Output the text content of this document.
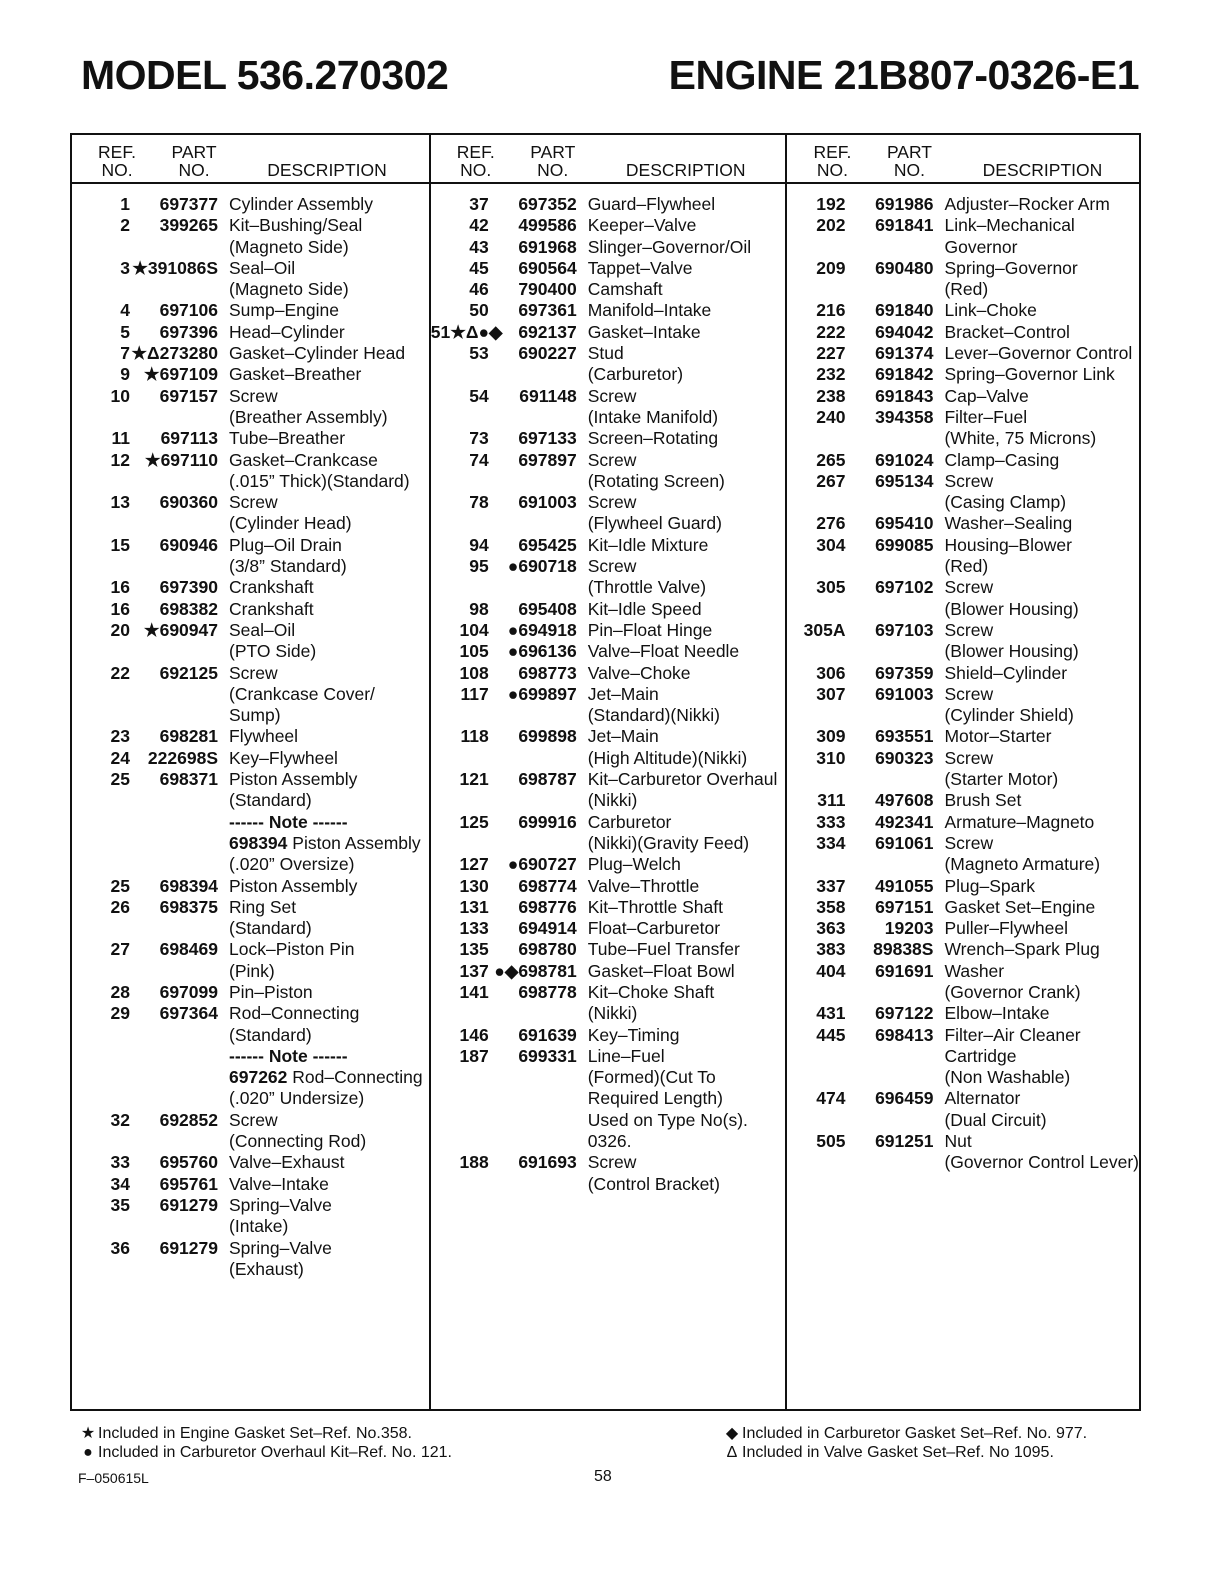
MODEL 536.270302	ENGINE 21B807-0326-E1
REF.
NO.
PART
NO.	DESCRIPTION
1	697377 Cylinder Assembly
2	399265 Kit–Bushing/Seal
(Magneto Side)
3 ★391086S Seal–Oil
(Magneto Side)
4	697106 Sump–Engine
5	697396 Head–Cylinder
7 ★Δ273280 Gasket–Cylinder Head
9 ★697109 Gasket–Breather
10	697157 Screw
(Breather Assembly)
11	697113 Tube–Breather
12 ★697110 Gasket–Crankcase
(.015” Thick)(Standard)
13	690360 Screw
(Cylinder Head)
15	690946 Plug–Oil Drain
(3/8” Standard)
16	697390 Crankshaft
16	698382 Crankshaft
20 ★690947 Seal–Oil
(PTO Side)
22	692125 Screw
(Crankcase Cover/
Sump)
23	698281 Flywheel
24	222698S Key–Flywheel
25	698371 Piston Assembly
(Standard)
------ Note ------
698394 Piston Assembly
(.020” Oversize)
25	698394 Piston Assembly
26	698375 Ring Set
(Standard)
27	698469 Lock–Piston Pin
(Pink)
28	697099 Pin–Piston
29	697364 Rod–Connecting
(Standard)
------ Note ------
697262 Rod–Connecting
(.020” Undersize)
32	692852 Screw
(Connecting Rod)
33	695760 Valve–Exhaust
34	695761 Valve–Intake
35	691279 Spring–Valve
(Intake)
36	691279 Spring–Valve
(Exhaust)
REF.
NO.
PART
NO.	DESCRIPTION
37	697352 Guard–Flywheel
42	499586 Keeper–Valve
43	691968 Slinger–Governor/Oil
45	690564 Tappet–Valve
46	790400 Camshaft
50	697361 Manifold–Intake
51★Δ●◆ 692137 Gasket–Intake
53	690227 Stud
(Carburetor)
54	691148 Screw
(Intake Manifold)
73	697133 Screen–Rotating
74	697897 Screw
(Rotating Screen)
78	691003 Screw
(Flywheel Guard)
94	695425 Kit–Idle Mixture
95	●690718 Screw
(Throttle Valve)
98	695408 Kit–Idle Speed
104	●694918 Pin–Float Hinge
105	●696136 Valve–Float Needle
108	698773 Valve–Choke
117	●699897 Jet–Main
(Standard)(Nikki)
118	699898 Jet–Main
(High Altitude)(Nikki)
121	698787 Kit–Carburetor Overhaul
(Nikki)
125	699916 Carburetor
(Nikki)(Gravity Feed)
127	●690727 Plug–Welch
130	698774 Valve–Throttle
131	698776 Kit–Throttle Shaft
133	694914 Float–Carburetor
135	698780 Tube–Fuel Transfer
137 ●◆698781 Gasket–Float Bowl
141	698778 Kit–Choke Shaft
(Nikki)
146	691639 Key–Timing
187	699331 Line–Fuel
(Formed)(Cut To
Required Length)
Used on Type No(s).
0326.
188	691693 Screw
(Control Bracket)
REF.
NO.
PART
NO.	DESCRIPTION
192	691986 Adjuster–Rocker Arm
202	691841 Link–Mechanical
Governor
209	690480 Spring–Governor
(Red)
216	691840 Link–Choke
222	694042 Bracket–Control
227	691374 Lever–Governor Control
232	691842 Spring–Governor Link
238	691843 Cap–Valve
240	394358 Filter–Fuel
(White, 75 Microns)
265	691024 Clamp–Casing
267	695134 Screw
(Casing Clamp)
276	695410 Washer–Sealing
304	699085 Housing–Blower
(Red)
305	697102 Screw
(Blower Housing)
305A	697103 Screw
(Blower Housing)
306	697359 Shield–Cylinder
307	691003 Screw
(Cylinder Shield)
309	693551 Motor–Starter
310	690323 Screw
(Starter Motor)
311	497608 Brush Set
333	492341 Armature–Magneto
334	691061 Screw
(Magneto Armature)
337	491055 Plug–Spark
358	697151 Gasket Set–Engine
363	19203 Puller–Flywheel
383	89838S Wrench–Spark Plug
404	691691 Washer
(Governor Crank)
431	697122 Elbow–Intake
445	698413 Filter–Air Cleaner
Cartridge
(Non Washable)
474	696459 Alternator
(Dual Circuit)
505	691251 Nut
(Governor Control Lever)
★ Included in Engine Gasket Set–Ref. No.358.
● Included in Carburetor Overhaul Kit–Ref. No. 121.
◆ Included in Carburetor Gasket Set–Ref. No. 977.
Δ Included in Valve Gasket Set–Ref. No 1095.
F–050615L	58
